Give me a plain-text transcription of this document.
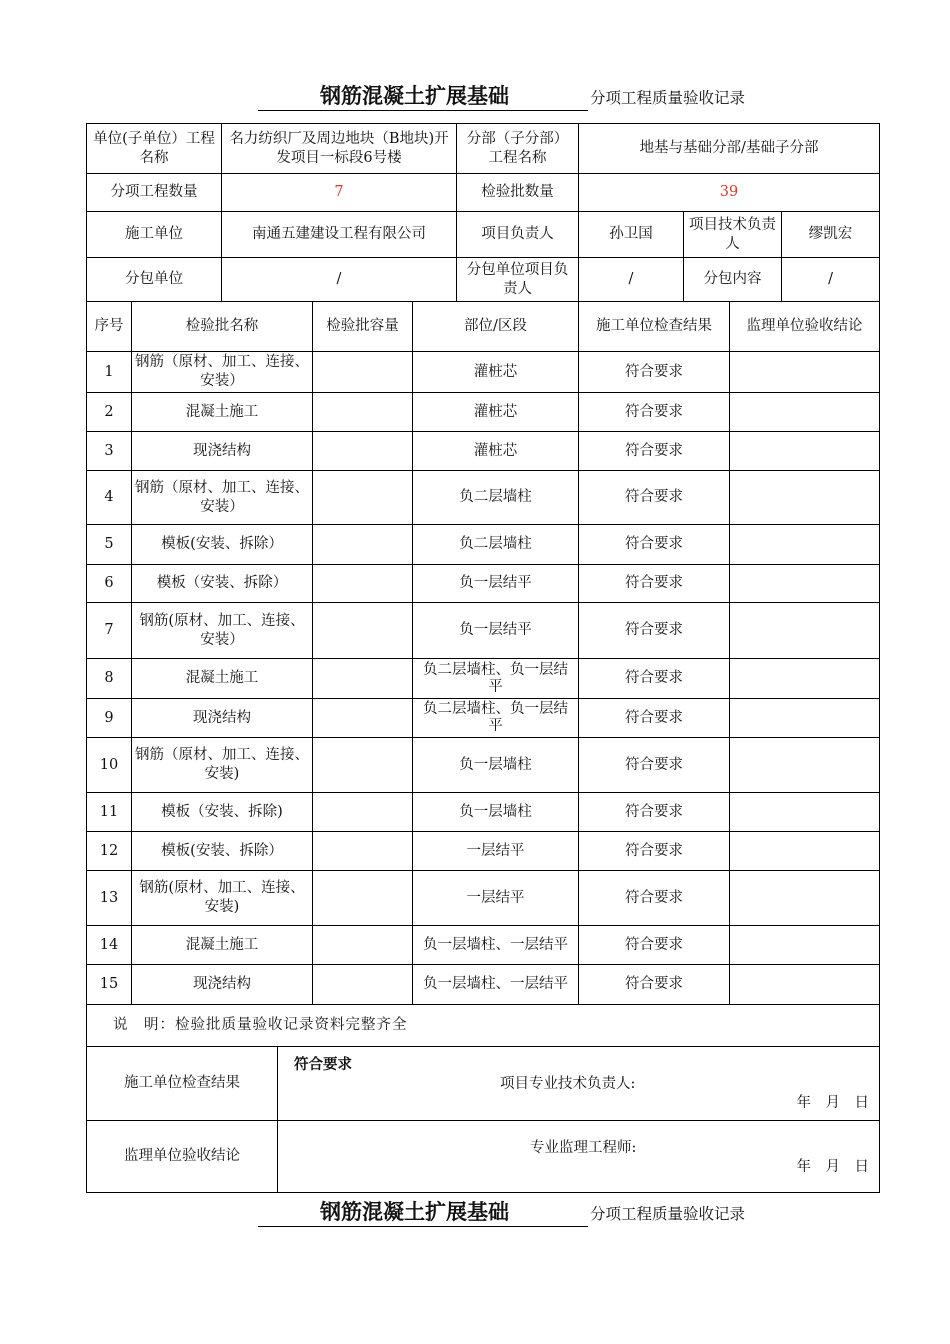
钢筋混凝土扩展基础	分项工程质量验收记录
单位(子单位）工程名称	名力纺织厂及周边地块（B地块)开发项目一标段6号楼	分部（子分部）工程名称	地基与基础分部/基础子分部		
分项工程数量	7	检验批数量	39		
施工单位	南通五建建设工程有限公司	项目负责人	孙卫国	项目技术负责人	缪凯宏
分包单位	/	分包单位项目负责人	/	分包内容	/
序号	检验批名称	检验批容量	部位/区段	施工单位检查结果	监理单位验收结论
1	钢筋（原材、加工、连接、安装）		灌桩芯	符合要求	
2	混凝土施工		灌桩芯	符合要求	
3	现浇结构		灌桩芯	符合要求	
4	钢筋（原材、加工、连接、安装）		负二层墙柱	符合要求	
5	模板(安装、拆除）		负二层墙柱	符合要求	
6	模板（安装、拆除）		负一层结平	符合要求	
7	钢筋(原材、加工、连接、安装）		负一层结平	符合要求	
8	混凝土施工		负二层墙柱、负一层结平	符合要求	
9	现浇结构		负二层墙柱、负一层结平	符合要求	
10	钢筋（原材、加工、连接、安装)		负一层墙柱	符合要求	
11	模板（安装、拆除)		负一层墙柱	符合要求	
12	模板(安装、拆除）		一层结平	符合要求	
13	钢筋(原材、加工、连接、安装)		一层结平	符合要求	
14	混凝土施工		负一层墙柱、一层结平	符合要求	
15	现浇结构		负一层墙柱、一层结平	符合要求	
说　明：检验批质量验收记录资料完整齐全	
施工单位检查结果	符合要求
项目专业技术负责人:
年　月　日

监理单位验收结论	专业监理工程师:
年　月　日
钢筋混凝土扩展基础	分项工程质量验收记录
